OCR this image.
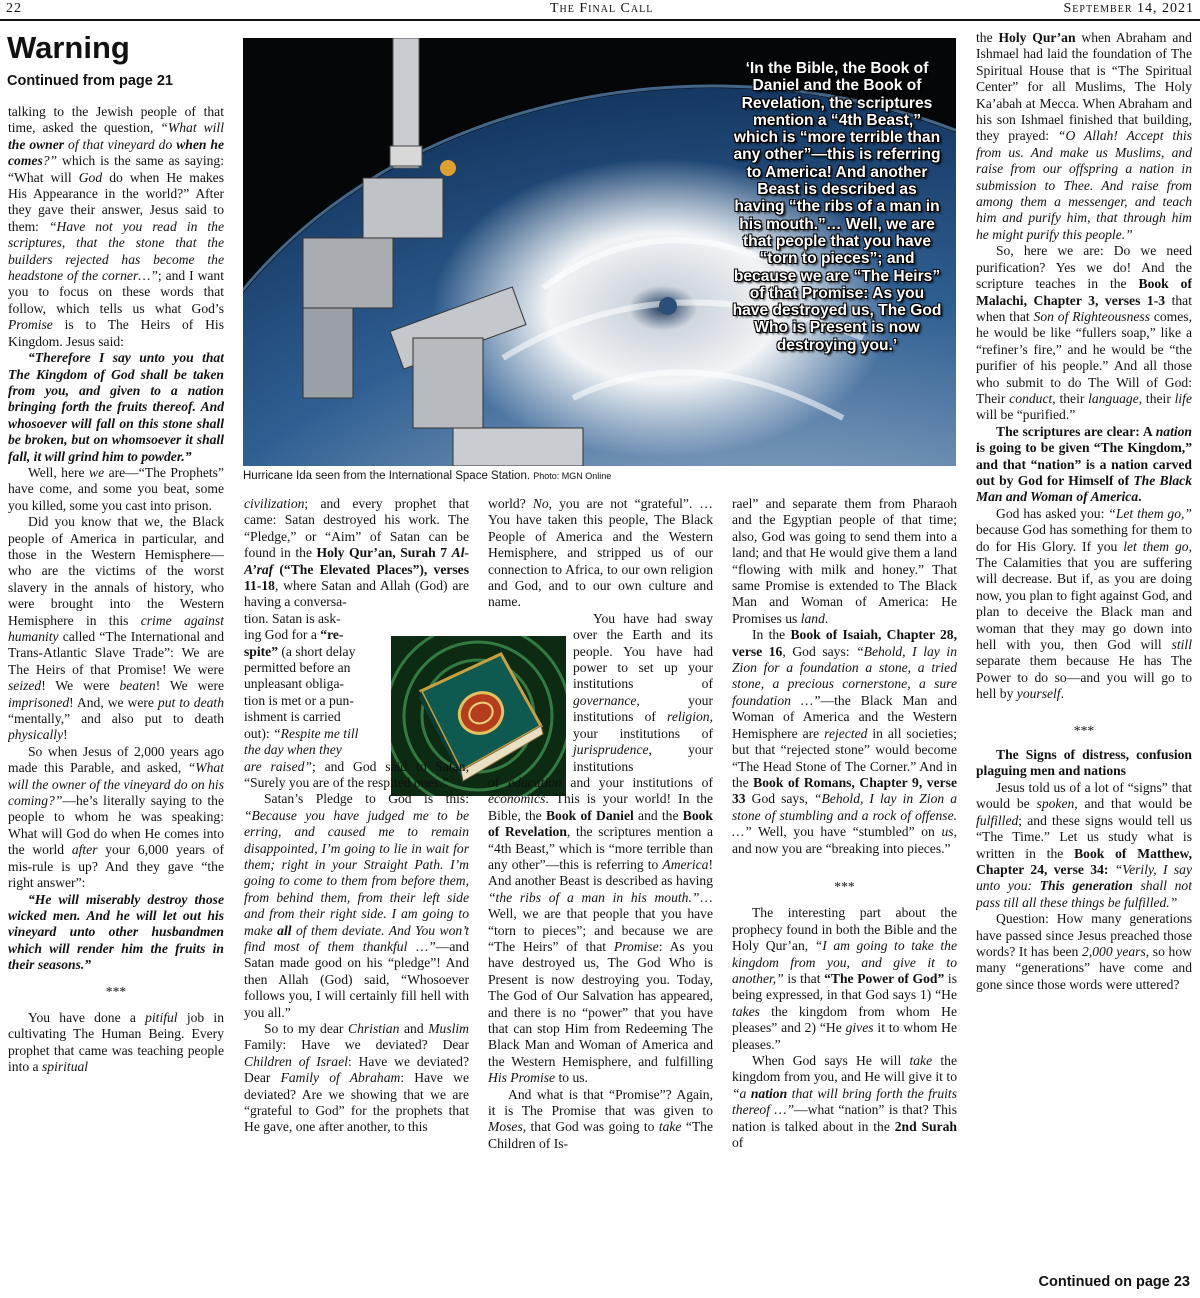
22	The Final Call	September 14, 2021
Warning
Continued from page 21
‘In the Bible, the Book of Daniel and the Book of Revelation, the scriptures mention a “4th Beast,” which is “more terrible than any other”—this is referring to America! And another Beast is described as having “the ribs of a man in his mouth.”… Well, we are that people that you have “torn to pieces”; and because we are “The Heirs” of that Promise: As you have destroyed us, The God Who is Present is now destroying you.’
Hurricane Ida seen from the International Space Station. Photo: MGN Online

talking to the Jewish people of that time, asked the question, “What will the owner of that vineyard do when he comes?” which is the same as saying: “What will God do when He makes His Appearance in the world?” After they gave their answer, Jesus said to them: “Have not you read in the scriptures, that the stone that the builders rejected has become the headstone of the corner…”; and I want you to focus on these words that follow, which tells us what God’s Promise is to The Heirs of His Kingdom. Jesus said:

“Therefore I say unto you that The Kingdom of God shall be taken from you, and given to a nation bringing forth the fruits thereof. And whosoever will fall on this stone shall be broken, but on whomsoever it shall fall, it will grind him to powder.”

Well, here we are—“The Prophets” have come, and some you beat, some you killed, some you cast into prison.

Did you know that we, the Black people of America in particular, and those in the Western Hemisphere—who are the victims of the worst slavery in the annals of history, who were brought into the Western Hemisphere in this crime against humanity called “The International and Trans-Atlantic Slave Trade”: We are The Heirs of that Promise! We were seized! We were beaten! We were imprisoned! And, we were put to death “mentally,” and also put to death physically!

So when Jesus of 2,000 years ago made this Parable, and asked, “What will the owner of the vineyard do on his coming?”—he’s literally saying to the people to whom he was speaking: What will God do when He comes into the world after your 6,000 years of mis-rule is up? And they gave “the right answer”:

“He will miserably destroy those wicked men. And he will let out his vineyard unto other husbandmen which will render him the fruits in their seasons.”

***

You have done a pitiful job in cultivating The Human Being. Every prophet that came was teaching people into a spiritual

civilization; and every prophet that came: Satan destroyed his work. The “Pledge,” or “Aim” of Satan can be found in the Holy Qur’an, Surah 7 Al-A’raf (“The Elevated Places”), verses 11-18, where Satan and Allah (God) are having a conversa-
tion. Satan is ask-
ing God for a “re-
spite” (a short delay
permitted before an
unpleasant obliga-
tion is met or a pun-
ishment is carried
out): “Respite me till
the day when they
are raised”; and God said to Satan, “Surely you are of the respited ones.”

Satan’s Pledge to God is this: “Because you have judged me to be erring, and caused me to remain disappointed, I’m going to lie in wait for them; right in your Straight Path. I’m going to come to them from before them, from behind them, from their left side and from their right side. I am going to make all of them deviate. And You won’t find most of them thankful …”—and Satan made good on his “pledge”! And then Allah (God) said, “Whosoever follows you, I will certainly fill hell with you all.”

So to my dear Christian and Muslim Family: Have we deviated? Dear Children of Israel: Have we deviated? Dear Family of Abraham: Have we deviated? Are we showing that we are “grateful to God” for the prophets that He gave, one after another, to this

world? No, you are not “grateful”. … You have taken this people, The Black People of America and the Western Hemisphere, and stripped us of our connection to Africa, to our own religion and God, and to our own culture and name.

You have had sway over the Earth and its people. You have had power to set up your institutions of governance, your institutions of religion, your institutions of jurisprudence, your institutions

of education and your institutions of economics. This is your world! In the Bible, the Book of Daniel and the Book of Revelation, the scriptures mention a “4th Beast,” which is “more terrible than any other”—this is referring to America! And another Beast is described as having “the ribs of a man in his mouth.”… Well, we are that people that you have “torn to pieces”; and because we are “The Heirs” of that Promise: As you have destroyed us, The God Who is Present is now destroying you. Today, The God of Our Salvation has appeared, and there is no “power” that you have that can stop Him from Redeeming The Black Man and Woman of America and the Western Hemisphere, and fulfilling His Promise to us.

And what is that “Promise”? Again, it is The Promise that was given to Moses, that God was going to take “The Children of Is-

rael” and separate them from Pharaoh and the Egyptian people of that time; also, God was going to send them into a land; and that He would give them a land “flowing with milk and honey.” That same Promise is extended to The Black Man and Woman of America: He Promises us land.

In the Book of Isaiah, Chapter 28, verse 16, God says: “Behold, I lay in Zion for a foundation a stone, a tried stone, a precious cornerstone, a sure foundation …”—the Black Man and Woman of America and the Western Hemisphere are rejected in all societies; but that “rejected stone” would become “The Head Stone of The Corner.” And in the Book of Romans, Chapter 9, verse 33 God says, “Behold, I lay in Zion a stone of stumbling and a rock of offense. …” Well, you have “stumbled” on us, and now you are “breaking into pieces.”

***

The interesting part about the prophecy found in both the Bible and the Holy Qur’an, “I am going to take the kingdom from you, and give it to another,” is that “The Power of God” is being expressed, in that God says 1) “He takes the kingdom from whom He pleases” and 2) “He gives it to whom He pleases.”

When God says He will take the kingdom from you, and He will give it to “a nation that will bring forth the fruits thereof …”—what “nation” is that? This nation is talked about in the 2nd Surah of

the Holy Qur’an when Abraham and Ishmael had laid the foundation of The Spiritual House that is “The Spiritual Center” for all Muslims, The Holy Ka’abah at Mecca. When Abraham and his son Ishmael finished that building, they prayed: “O Allah! Accept this from us. And make us Muslims, and raise from our offspring a nation in submission to Thee. And raise from among them a messenger, and teach him and purify him, that through him he might purify this people.”

So, here we are: Do we need purification? Yes we do! And the scripture teaches in the Book of Malachi, Chapter 3, verses 1-3 that when that Son of Righteousness comes, he would be like “fullers soap,” like a “refiner’s fire,” and he would be “the purifier of his people.” And all those who submit to do The Will of God: Their conduct, their language, their life will be “purified.”

The scriptures are clear: A nation is going to be given “The Kingdom,” and that “nation” is a nation carved out by God for Himself of The Black Man and Woman of America.

God has asked you: “Let them go,” because God has something for them to do for His Glory. If you let them go, The Calamities that you are suffering will decrease. But if, as you are doing now, you plan to fight against God, and plan to deceive the Black man and woman that they may go down into hell with you, then God will still separate them because He has The Power to do so—and you will go to hell by yourself.

***

The Signs of distress, confusion plaguing men and nations

Jesus told us of a lot of “signs” that would be spoken, and that would be fulfilled; and these signs would tell us “The Time.” Let us study what is written in the Book of Matthew, Chapter 24, verse 34: “Verily, I say unto you: This generation shall not pass till all these things be fulfilled.”

Question: How many generations have passed since Jesus preached those words? It has been 2,000 years, so how many “generations” have come and gone since those words were uttered?

Continued on page 23
